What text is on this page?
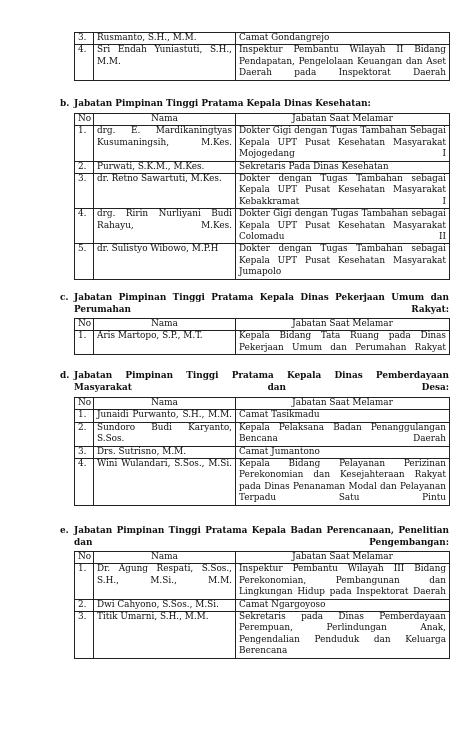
3.	Rusmanto, S.H., M.M.	Camat Gondangrejo
4.	Sri Endah Yuniastuti, S.H., M.M.	Inspektur Pembantu Wilayah II Bidang Pendapatan, Pengelolaan Keuangan dan Aset Daerah pada Inspektorat Daerah
b. Jabatan Pimpinan Tinggi Pratama Kepala Dinas Kesehatan:
No	Nama	Jabatan Saat Melamar
1.	drg. E. Mardikaningtyas Kusumaningsih, M.Kes.	Dokter Gigi dengan Tugas Tambahan Sebagai Kepala UPT Pusat Kesehatan Masyarakat Mojogedang I
2.	Purwati, S.K.M., M.Kes.	Sekretaris Pada Dinas Kesehatan
3.	dr. Retno Sawartuti, M.Kes.	Dokter dengan Tugas Tambahan sebagai Kepala UPT Pusat Kesehatan Masyarakat Kebakkramat I
4.	drg. Ririn Nurliyani Budi Rahayu, M.Kes.	Dokter Gigi dengan Tugas Tambahan sebagai Kepala UPT Pusat Kesehatan Masyarakat Colomadu II
5.	dr. Sulistyo Wibowo, M.P.H	Dokter dengan Tugas Tambahan sebagai Kepala UPT Pusat Kesehatan Masyarakat Jumapolo
c. Jabatan Pimpinan Tinggi Pratama Kepala Dinas Pekerjaan Umum dan Perumahan Rakyat:
No	Nama	Jabatan Saat Melamar
1.	Aris Martopo, S.P., M.T.	Kepala Bidang Tata Ruang pada Dinas Pekerjaan Umum dan Perumahan Rakyat
d. Jabatan Pimpinan Tinggi Pratama Kepala Dinas Pemberdayaan Masyarakat dan Desa:
No	Nama	Jabatan Saat Melamar
1.	Junaidi Purwanto, S.H., M.M.	Camat Tasikmadu
2.	Sundoro Budi Karyanto, S.Sos.	Kepala Pelaksana Badan Penanggulangan Bencana Daerah
3.	Drs. Sutrisno, M.M.	Camat Jumantono
4.	Wini Wulandari, S.Sos., M.Si.	Kepala Bidang Pelayanan Perizinan Perekonomian dan Kesejahteraan Rakyat pada Dinas Penanaman Modal dan Pelayanan Terpadu Satu Pintu
e. Jabatan Pimpinan Tinggi Pratama Kepala Badan Perencanaan, Penelitian dan Pengembangan:
No	Nama	Jabatan Saat Melamar
1.	Dr. Agung Respati, S.Sos., S.H., M.Si., M.M.	Inspektur Pembantu Wilayah III Bidang Perekonomian, Pembangunan dan Lingkungan Hidup pada Inspektorat Daerah
2.	Dwi Cahyono, S.Sos., M.Si.	Camat Ngargoyoso
3.	Titik Umarni, S.H., M.M.	Sekretaris pada Dinas Pemberdayaan Perempuan, Perlindungan Anak, Pengendalian Penduduk dan Keluarga Berencana
